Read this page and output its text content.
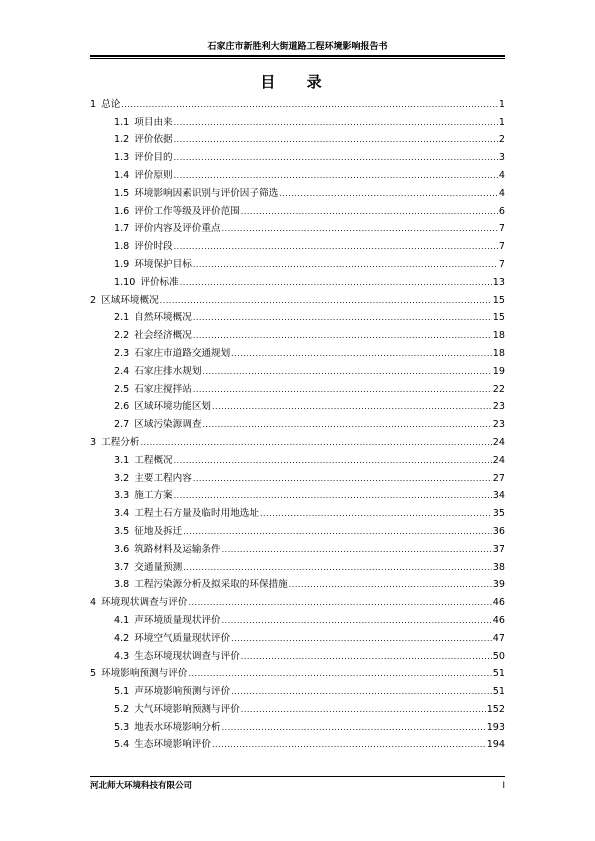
石家庄市新胜利大街道路工程环境影响报告书
目 录
1 总论 .....	1
1.1 项目由来 .....	1
1.2 评价依据 .....	2
1.3 评价目的 .....	3
1.4 评价原则 .....	4
1.5 环境影响因素识别与评价因子筛选 .....	4
1.6 评价工作等级及评价范围 .....	6
1.7 评价内容及评价重点 .....	7
1.8 评价时段 .....	7
1.9 环境保护目标 .....	7
1.10 评价标准 .....	13
2 区域环境概况 .....	15
2.1 自然环境概况 .....	15
2.2 社会经济概况 .....	18
2.3 石家庄市道路交通规划 .....	18
2.4 石家庄排水规划 .....	19
2.5 石家庄搅拌站 .....	22
2.6 区域环境功能区划 .....	23
2.7 区域污染源调查 .....	23
3 工程分析 .....	24
3.1 工程概况 .....	24
3.2 主要工程内容 .....	27
3.3 施工方案 .....	34
3.4 工程土石方量及临时用地选址 .....	35
3.5 征地及拆迁 .....	36
3.6 筑路材料及运输条件 .....	37
3.7 交通量预测 .....	38
3.8 工程污染源分析及拟采取的环保措施 .....	39
4 环境现状调查与评价 .....	46
4.1 声环境质量现状评价 .....	46
4.2 环境空气质量现状评价 .....	47
4.3 生态环境现状调查与评价 .....	50
5 环境影响预测与评价 .....	51
5.1 声环境影响预测与评价 .....	51
5.2 大气环境影响预测与评价 .....	152
5.3 地表水环境影响分析 .....	193
5.4 生态环境影响评价 .....	194
河北师大环境科技有限公司	I
